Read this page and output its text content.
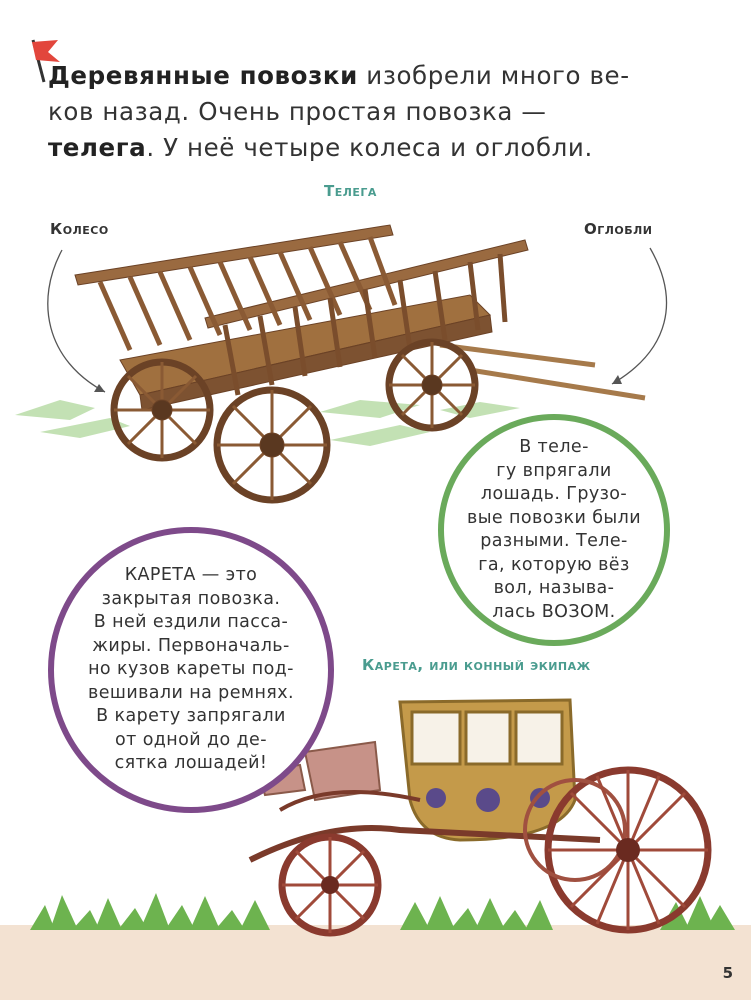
Деревянные повозки изобрели много ве-
ков назад. Очень простая повозка —
телега. У неё четыре колеса и оглобли.
Телега
Колесо	Оглобли
В теле-
гу впрягали
лошадь. Грузо-
вые повозки были
разными. Теле-
га, которую вёз
вол, называ-
лась ВОЗОМ.
КАРЕТА — это
закрытая повозка.
В ней ездили пасса-
жиры. Первоначаль-
но кузов кареты под-
вешивали на ремнях.
В карету запрягали
от одной до де-
сятка лошадей!
Карета, или конный экипаж
5
